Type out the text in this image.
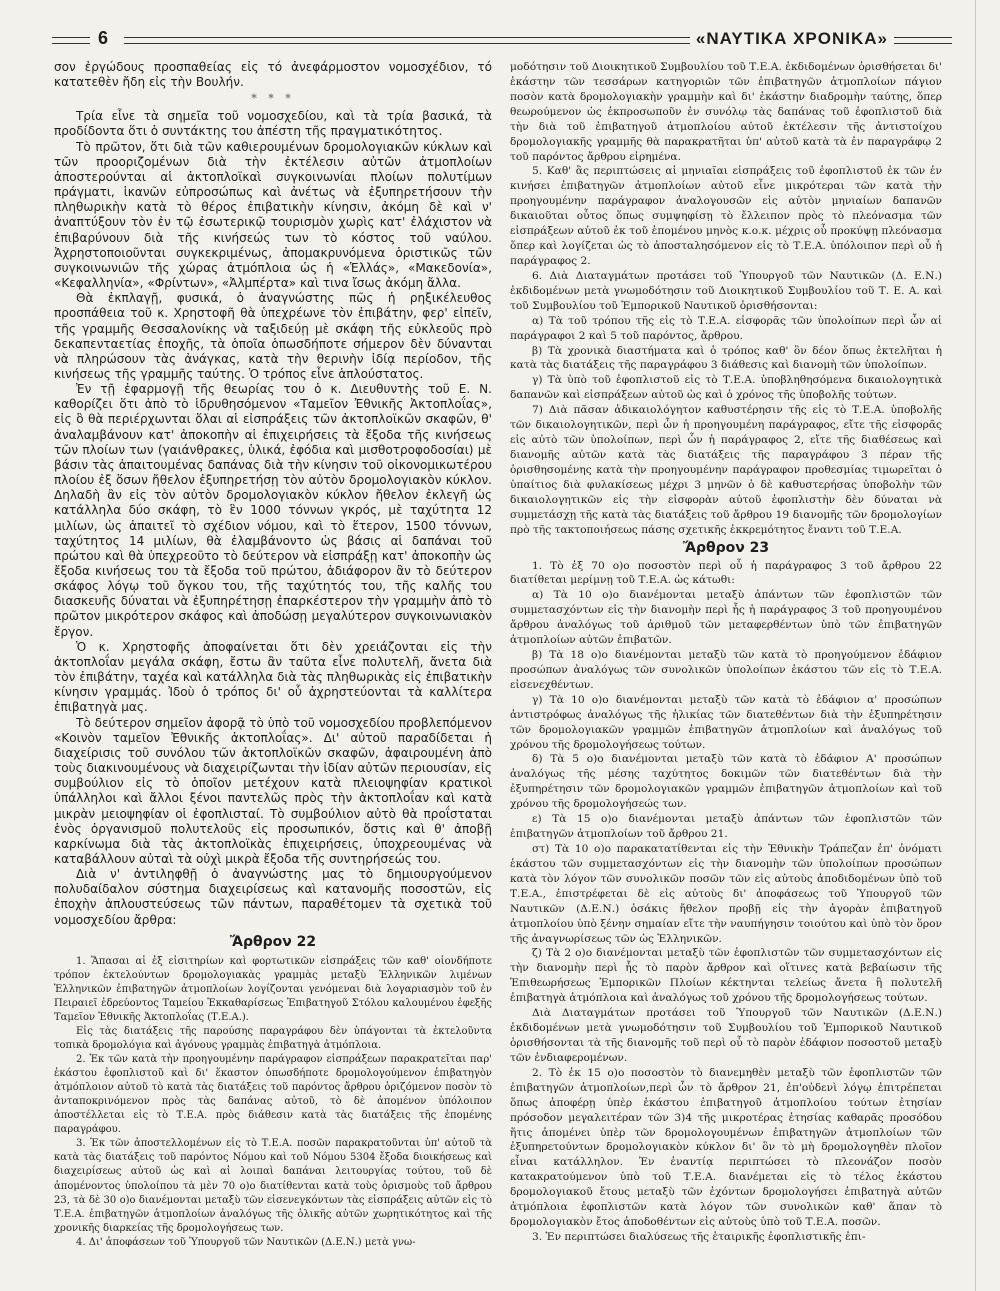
6	«ΝΑΥΤΙΚΑ ΧΡΟΝΙΚΑ»

σον ἐργώδους προσπαθείας εἰς τό ἀνεφάρμοστον νομοσχέδιον, τό κατατεθὲν ἤδη εἰς τὴν Βουλήν.

* * *

Τρία εἶνε τὰ σημεῖα τοῦ νομοσχεδίου, καὶ τὰ τρία βασικά, τὰ προδίδοντα ὅτι ὁ συντάκτης του ἀπέστη τῆς πραγματικότητος.

Τὸ πρῶτον, ὅτι διὰ τῶν καθιερουμένων δρομολογιακῶν κύκλων καὶ τῶν προοριζομένων διὰ τὴν ἐκτέλεσιν αὐτῶν ἀτμοπλοίων ἀποστερούνται αἱ ἀκτοπλοϊκαὶ συγκοινωνίαι πλοίων πολυτίμων πράγματι, ἱκανῶν εὐπροσώπως καὶ ἀνέτως νὰ ἐξυπηρετήσουν τὴν πληθωρικὴν κατὰ τὸ θέρος ἐπιβατικὴν κίνησιν, ἀκόμη δὲ καὶ ν' ἀναπτύξουν τὸν ἐν τῷ ἐσωτερικῷ τουρισμὸν χωρὶς κατ' ἐλάχιστον νὰ ἐπιβαρύνουν διὰ τῆς κινήσεώς των τὸ κόστος τοῦ ναύλου. Ἀχρηστοποιοῦνται συγκεκριμένως, ἀπομακρυνόμενα ὁριστικῶς τῶν συγκοινωνιῶν τῆς χώρας ἀτμόπλοια ὡς ἡ «Ἑλλάς», «Μακεδονία», «Κεφαλληνία», «Φρίντων», «Ἀλμπέρτα» καὶ τινα ἴσως ἀκόμη ἄλλα.

Θὰ ἐκπλαγῇ, φυσικά, ὁ ἀναγνώστης πῶς ἡ ρηξικέλευθος προσπάθεια τοῦ κ. Χρηστοφῆ θὰ ὑπεχρέωνε τὸν ἐπιβάτην, φερ' εἰπεῖν, τῆς γραμμῆς Θεσσαλονίκης νὰ ταξιδεύῃ μὲ σκάφη τῆς εὐκλεοῦς πρὸ δεκαπενταετίας ἐποχῆς, τὰ ὁποῖα ὁπωσδήποτε σήμερον δὲν δύνανται νὰ πληρώσουν τὰς ἀνάγκας, κατὰ τὴν θερινὴν ἰδίᾳ περίοδον, τῆς κινήσεως τῆς γραμμῆς ταύτης. Ὁ τρόπος εἶνε ἁπλούστατος.

Ἐν τῇ ἐφαρμογῇ τῆς θεωρίας του ὁ κ. Διευθυντὴς τοῦ Ε. Ν. καθορίζει ὅτι ἀπὸ τὸ ἱδρυθησόμενον «Ταμεῖον Ἐθνικῆς Ἀκτοπλοΐας», εἰς ὃ θὰ περιέρχωνται ὅλαι αἱ εἰσπράξεις τῶν ἀκτοπλοϊκῶν σκαφῶν, θ' ἀναλαμβάνουν κατ' ἀποκοπὴν αἱ ἐπιχειρήσεις τὰ ἔξοδα τῆς κινήσεως τῶν πλοίων των (γαιάνθρακες, ὑλικά, ἐφόδια καὶ μισθοτροφοδοσίαι) μὲ βάσιν τὰς ἀπαιτουμένας δαπάνας διὰ τὴν κίνησιν τοῦ οἰκονομικωτέρου πλοίου ἐξ ὅσων ἤθελον ἐξυπηρετήσῃ τὸν αὐτὸν δρομολογιακὸν κύκλον. Δηλαδὴ ἂν εἰς τὸν αὐτὸν δρομολογιακὸν κύκλον ἤθελον ἐκλεγῆ ὡς κατάλληλα δύο σκάφη, τὸ ἓν 1000 τόννων γκρός, μὲ ταχύτητα 12 μιλίων, ὡς ἀπαιτεῖ τὸ σχέδιον νόμου, καὶ τὸ ἕτερον, 1500 τόννων, ταχύτητος 14 μιλίων, θὰ ἐλαμβάνοντο ὡς βάσις αἱ δαπάναι τοῦ πρώτου καὶ θὰ ὑπεχρεοῦτο τὸ δεύτερον νὰ εἰσπράξῃ κατ' ἀποκοπὴν ὡς ἔξοδα κινήσεως του τὰ ἔξοδα τοῦ πρώτου, ἀδιάφορον ἂν τὸ δεύτερον σκάφος λόγῳ τοῦ ὄγκου του, τῆς ταχύτητός του, τῆς καλῆς του διασκευῆς δύναται νὰ ἐξυπηρέτησῃ ἐπαρκέστερον τὴν γραμμὴν ἀπὸ τὸ πρῶτον μικρότερον σκάφος καὶ ἀποδώσῃ μεγαλύτερον συγκοινωνιακὸν ἔργον.

Ὁ κ. Χρηστοφῆς ἀποφαίνεται ὅτι δὲν χρειάζονται εἰς τὴν ἀκτοπλοΐαν μεγάλα σκάφη, ἔστω ἂν ταῦτα εἶνε πολυτελῆ, ἄνετα διὰ τὸν ἐπιβάτην, ταχέα καὶ κατάλληλα διὰ τὰς πληθωρικὰς εἰς ἐπιβατικὴν κίνησιν γραμμάς. Ἰδοὺ ὁ τρόπος δι' οὗ ἀχρηστεύονται τὰ καλλίτερα ἐπιβατηγὰ μας.

Τὸ δεύτερον σημεῖον ἀφορᾷ τὸ ὑπὸ τοῦ νομοσχεδίου προβλεπόμενον «Κοινὸν ταμεῖον Ἐθνικῆς ἀκτοπλοΐας». Δι' αὐτοῦ παραδίδεται ἡ διαχείρισις τοῦ συνόλου τῶν ἀκτοπλοϊκῶν σκαφῶν, ἀφαιρουμένη ἀπὸ τοὺς διακινουμένους νὰ διαχειρίζωνται τὴν ἰδίαν αὐτῶν περιουσίαν, εἰς συμβούλιον εἰς τὸ ὁποῖον μετέχουν κατὰ πλειοψηφίαν κρατικοὶ ὑπάλληλοι καὶ ἄλλοι ξένοι παντελῶς πρὸς τὴν ἀκτοπλοΐαν καὶ κατὰ μικρὰν μειοψηφίαν οἱ ἐφοπλισταί. Τὸ συμβούλιον αὐτὸ θὰ προΐσταται ἑνὸς ὀργανισμοῦ πολυτελοῦς εἰς προσωπικόν, ὅστις καὶ θ' ἀποβῇ καρκίνωμα διὰ τὰς ἀκτοπλοϊκὰς ἐπιχειρήσεις, ὑποχρεουμένας νὰ καταβάλλουν αὐταὶ τὰ οὐχὶ μικρὰ ἔξοδα τῆς συντηρήσεώς του.

Διὰ ν' ἀντιληφθῇ ὁ ἀναγνώστης μας τὸ δημιουργούμενον πολυδαίδαλον σύστημα διαχειρίσεως καὶ κατανομῆς ποσοστῶν, εἰς ἐποχὴν ἁπλουστεύσεως τῶν πάντων, παραθέτομεν τὰ σχετικὰ τοῦ νομοσχεδίου ἄρθρα:

Ἄρθρον 22

1. Ἅπασαι αἱ ἐξ εἰσιτηρίων καὶ φορτωτικῶν εἰσπράξεις τῶν καθ' οἱονδήποτε τρόπον ἐκτελούντων δρομολογιακὰς γραμμὰς μεταξὺ Ἑλληνικῶν λιμένων Ἑλληνικῶν ἐπιβατηγῶν ἀτμοπλοίων λογίζονται γενόμεναι διὰ λογαριασμὸν τοῦ ἐν Πειραιεῖ ἑδρεύοντος Ταμείου Ἐκκαθαρίσεως Ἐπιβατηγοῦ Στόλου καλουμένου ἐφεξῆς Ταμεῖον Ἐθνικῆς Ἀκτοπλοΐας (Τ.Ε.Α.).

Εἰς τὰς διατάξεις τῆς παρούσης παραγράφου δὲν ὑπάγονται τὰ ἐκτελοῦντα τοπικὰ δρομολόγια καὶ ἀγόνους γραμμὰς ἐπιβατηγὰ ἀτμόπλοια.

2. Ἐκ τῶν κατὰ τὴν προηγουμένην παράγραφον εἰσπράξεων παρακρατεῖται παρ' ἑκάστου ἐφοπλιστοῦ καὶ δι' ἕκαστον ὁπωσδήποτε δρομολογούμενον ἐπιβατηγὸν ἀτμόπλοιον αὐτοῦ τὸ κατὰ τὰς διατάξεις τοῦ παρόντος ἄρθρου ὁριζόμενον ποσὸν τὸ ἀνταποκρινόμενον πρὸς τὰς δαπάνας αὐτοῦ, τὸ δὲ ἀπομένον ὑπόλοιπον ἀποστέλλεται εἰς τὸ Τ.Ε.Α. πρὸς διάθεσιν κατὰ τὰς διατάξεις τῆς ἑπομένης παραγράφου.

3. Ἐκ τῶν ἀποστελλομένων εἰς τὸ Τ.Ε.Α. ποσῶν παρακρατοῦνται ὑπ' αὐτοῦ τὰ κατὰ τὰς διατάξεις τοῦ παρόντος Νόμου καὶ τοῦ Νόμου 5304 ἔξοδα διοικήσεως καὶ διαχειρίσεως αὐτοῦ ὡς καὶ αἱ λοιπαὶ δαπάναι λειτουργίας τούτου, τοῦ δὲ ἀπομένοντος ὑπολοίπου τὰ μὲν 70 ο)ο διατίθενται κατὰ τοὺς ὁρισμοὺς τοῦ ἄρθρου 23, τὰ δὲ 30 ο)ο διανέμονται μεταξὺ τῶν εἰσενεγκόντων τὰς εἰσπράξεις αὐτῶν εἰς τὸ Τ.Ε.Α. ἐπιβατηγῶν ἀτμοπλοίων ἀναλόγως τῆς ὁλικῆς αὐτῶν χωρητικότητος καὶ τῆς χρονικῆς διαρκείας τῆς δρομολογήσεως των.

4. Δι' ἀποφάσεων τοῦ Ὑπουργοῦ τῶν Ναυτικῶν (Δ.Ε.Ν.) μετὰ γνω-

μοδότησιν τοῦ Διοικητικοῦ Συμβουλίου τοῦ Τ.Ε.Α. ἐκδιδομένων ὁρισθήσεται δι' ἑκάστην τῶν τεσσάρων κατηγοριῶν τῶν ἐπιβατηγῶν ἀτμοπλοίων πάγιον ποσὸν κατὰ δρομολογιακὴν γραμμὴν καὶ δι' ἑκάστην διαδρομὴν ταύτης, ὅπερ θεωρούμενον ὡς ἐκπροσωποῦν ἐν συνόλῳ τὰς δαπάνας τοῦ ἐφοπλιστοῦ διὰ τὴν διὰ τοῦ ἐπιβατηγοῦ ἀτμοπλοίου αὐτοῦ ἐκτέλεσιν τῆς ἀντιστοίχου δρομολογιακῆς γραμμῆς θὰ παρακρατῆται ὑπ' αὐτοῦ κατὰ τὰ ἐν παραγράφῳ 2 τοῦ παρόντος ἄρθρου εἰρημένα.

5. Καθ' ἃς περιπτώσεις αἱ μηνιαῖαι εἰσπράξεις τοῦ ἐφοπλιστοῦ ἐκ τῶν ἐν κινήσει ἐπιβατηγῶν ἀτμοπλοίων αὐτοῦ εἶνε μικρότεραι τῶν κατὰ τὴν προηγουμένην παράγραφον ἀναλογουσῶν εἰς αὐτὸν μηνιαίων δαπανῶν δικαιοῦται οὗτος ὅπως συμψηφίσῃ τὸ ἔλλειπον πρὸς τὸ πλεόνασμα τῶν εἰσπράξεων αὐτοῦ ἐκ τοῦ ἑπομένου μηνὸς κ.ο.κ. μέχρις οὗ προκύψῃ πλεόνασμα ὅπερ καὶ λογίζεται ὡς τὸ ἀποσταλησόμενον εἰς τὸ Τ.Ε.Α. ὑπόλοιπον περὶ οὗ ἡ παράγραφος 2.

6. Διὰ Διαταγμάτων προτάσει τοῦ Ὑπουργοῦ τῶν Ναυτικῶν (Δ. Ε.Ν.) ἐκδιδομένων μετὰ γνωμοδότησιν τοῦ Διοικητικοῦ Συμβουλίου τοῦ Τ. Ε. Α. καὶ τοῦ Συμβουλίου τοῦ Ἐμπορικοῦ Ναυτικοῦ ὁρισθήσονται:

α) Τὰ τοῦ τρόπου τῆς εἰς τὸ Τ.Ε.Α. εἰσφορᾶς τῶν ὑπολοίπων περὶ ὧν αἱ παράγραφοι 2 καὶ 5 τοῦ παρόντος, ἄρθρου.

β) Τὰ χρονικὰ διαστήματα καὶ ὁ τρόπος καθ' ὃν δέον ὅπως ἐκτελῆται ἡ κατὰ τὰς διατάξεις τῆς παραγράφου 3 διάθεσις καὶ διανομὴ τῶν ὑπολοίπων.

γ) Τὰ ὑπὸ τοῦ ἐφοπλιστοῦ εἰς τὸ Τ.Ε.Α. ὑποβληθησόμενα δικαιολογητικὰ δαπανῶν καὶ εἰσπράξεων αὐτοῦ ὡς καὶ ὁ χρόνος τῆς ὑποβολῆς τούτων.

7) Διὰ πᾶσαν ἀδικαιολόγητον καθυστέρησιν τῆς εἰς τὸ Τ.Ε.Α. ὑποβολῆς τῶν δικαιολογητικῶν, περὶ ὧν ἡ προηγουμένη παράγραφος, εἴτε τῆς εἰσφορᾶς εἰς αὐτὸ τῶν ὑπολοίπων, περὶ ὧν ἡ παράγραφος 2, εἴτε τῆς διαθέσεως καὶ διανομῆς αὐτῶν κατὰ τὰς διατάξεις τῆς παραγράφου 3 πέραν τῆς ὁρισθησομένης κατὰ τὴν προηγουμένην παράγραφον προθεσμίας τιμωρεῖται ὁ ὑπαίτιος διὰ φυλακίσεως μέχρι 3 μηνῶν ὁ δὲ καθυστερήσας ὑποβολὴν τῶν δικαιολογητικῶν εἰς τὴν εἰσφορὰν αὐτοῦ ἐφοπλιστὴν δὲν δύναται νὰ συμμετάσχῃ τῆς κατὰ τὰς διατάξεις τοῦ ἄρθρου 19 διανομῆς τῶν δρομολογίων πρὸ τῆς τακτοποιήσεως πάσης σχετικῆς ἐκκρεμότητος ἔναντι τοῦ Τ.Ε.Α.

Ἄρθρον 23

1. Τὸ ἐξ 70 ο)ο ποσοστὸν περὶ οὗ ἡ παράγραφος 3 τοῦ ἄρθρου 22 διατίθεται μερίμνῃ τοῦ Τ.Ε.Α. ὡς κάτωθι:

α) Τὰ 10 ο)ο διανέμονται μεταξὺ ἁπάντων τῶν ἐφοπλιστῶν τῶν συμμετασχόντων εἰς τὴν διανομὴν περὶ ἧς ἡ παράγραφος 3 τοῦ προηγουμένου ἄρθρου ἀναλόγως τοῦ ἀριθμοῦ τῶν μεταφερθέντων ὑπὸ τῶν ἐπιβατηγῶν ἀτμοπλοίων αὐτῶν ἐπιβατῶν.

β) Τὰ 18 ο)ο διανέμονται μεταξὺ τῶν κατὰ τὸ προηγούμενον ἐδάφιον προσώπων ἀναλόγως τῶν συνολικῶν ὑπολοίπων ἑκάστου τῶν εἰς τὸ Τ.Ε.Α. εἰσενεχθέντων.

γ) Τὰ 10 ο)ο διανέμονται μεταξὺ τῶν κατὰ τὸ ἐδάφιον α' προσώπων ἀντιστρόφως ἀναλόγως τῆς ἡλικίας τῶν διατεθέντων διὰ τὴν ἐξυπηρέτησιν τῶν δρομολογιακῶν γραμμῶν ἐπιβατηγῶν ἀτμοπλοίων καὶ ἀναλόγως τοῦ χρόνου τῆς δρομολογήσεως τούτων.

δ) Τὰ 5 ο)ο διανέμονται μεταξὺ τῶν κατὰ τὸ ἐδάφιον Α' προσώπων ἀναλόγως τῆς μέσης ταχύτητος δοκιμῶν τῶν διατεθέντων διὰ τὴν ἐξυπηρέτησιν τῶν δρομολογιακῶν γραμμῶν ἐπιβατηγῶν ἀτμοπλοίων καὶ τοῦ χρόνου τῆς δρομολογήσεώς των.

ε) Τὰ 15 ο)ο διανέμονται μεταξὺ ἁπάντων τῶν ἐφοπλιστῶν τῶν ἐπιβατηγῶν ἀτμοπλοίων τοῦ ἄρθρου 21.

στ) Τὰ 10 ο)ο παρακατατίθενται εἰς τὴν Ἐθνικὴν Τράπεζαν ἐπ' ὀνόματι ἑκάστου τῶν συμμετασχόντων εἰς τὴν διανομὴν τῶν ὑπολοίπων προσώπων κατὰ τὸν λόγον τῶν συνολικῶν ποσῶν τῶν εἰς αὐτοὺς ἀποδιδομένων ὑπὸ τοῦ Τ.Ε.Α., ἐπιστρέφεται δὲ εἰς αὐτοὺς δι' ἀποφάσεως τοῦ Ὑπουργοῦ τῶν Ναυτικῶν (Δ.Ε.Ν.) ὁσάκις ἤθελον προβῇ εἰς τὴν ἀγορὰν ἐπιβατηγοῦ ἀτμοπλοίου ὑπὸ ξένην σημαίαν εἴτε τὴν ναυπήγησιν τοιούτου καὶ ὑπὸ τὸν ὅρον τῆς ἀναγνωρίσεως τῶν ὡς Ἑλληνικῶν.

ζ) Τὰ 2 ο)ο διανέμονται μεταξὺ τῶν ἐφοπλιστῶν τῶν συμμετασχόντων εἰς τὴν διανομὴν περὶ ἧς τὸ παρὸν ἄρθρον καὶ οἵτινες κατὰ βεβαίωσιν τῆς Ἐπιθεωρήσεως Ἐμπορικῶν Πλοίων κέκτηνται τελείως ἄνετα ἢ πολυτελῆ ἐπιβατηγὰ ἀτμόπλοια καὶ ἀναλόγως τοῦ χρόνου τῆς δρομολογήσεως τούτων.

Διὰ Διαταγμάτων προτάσει τοῦ Ὑπουργοῦ τῶν Ναυτικῶν (Δ.Ε.Ν.) ἐκδιδομένων μετὰ γνωμοδότησιν τοῦ Συμβουλίου τοῦ Ἐμπορικοῦ Ναυτικοῦ ὁρισθήσονται τὰ τῆς διανομῆς τοῦ περὶ οὗ τὸ παρὸν ἐδάφιον ποσοστοῦ μεταξὺ τῶν ἐνδιαφερομένων.

2. Τὸ ἐκ 15 ο)ο ποσοστὸν τὸ διανεμηθὲν μεταξὺ τῶν ἐφοπλιστῶν τῶν ἐπιβατηγῶν ἀτμοπλοίων,περὶ ὧν τὸ ἄρθρον 21, ἐπ'οὐδενὶ λόγῳ ἐπιτρέπεται ὅπως ἀποφέρῃ ὑπὲρ ἑκάστου ἐπιβατηγοῦ ἀτμοπλοίου τούτων ἐτησίαν πρόσοδον μεγαλειτέραν τῶν 3)4 τῆς μικροτέρας ἐτησίας καθαρᾶς προσόδου ἥτις ἀπομένει ὑπὲρ τῶν δρομολογουμένων ἐπιβατηγῶν ἀτμοπλοίων τῶν ἐξυπηρετούντων δρομολογιακὸν κύκλον δι' ὃν τὸ μὴ δρομολογηθὲν πλοῖον εἶναι κατάλληλον. Ἐν ἐναντίᾳ περιπτώσει τὸ πλεονάζον ποσὸν κατακρατούμενον ὑπὸ τοῦ Τ.Ε.Α. διανέμεται εἰς τὸ τέλος ἑκάστου δρομολογιακοῦ ἔτους μεταξὺ τῶν ἐχόντων δρομολογήσει ἐπιβατηγὰ αὐτῶν ἀτμόπλοια ἐφοπλιστῶν κατὰ λόγον τῶν συνολικῶν καθ' ἅπαν τὸ δρομολογιακὸν ἔτος ἀποδοθέντων εἰς αὐτοὺς ὑπὸ τοῦ Τ.Ε.Α. ποσῶν.

3. Ἐν περιπτώσει διαλύσεως τῆς ἑταιρικῆς ἐφοπλιστικῆς ἐπι-
